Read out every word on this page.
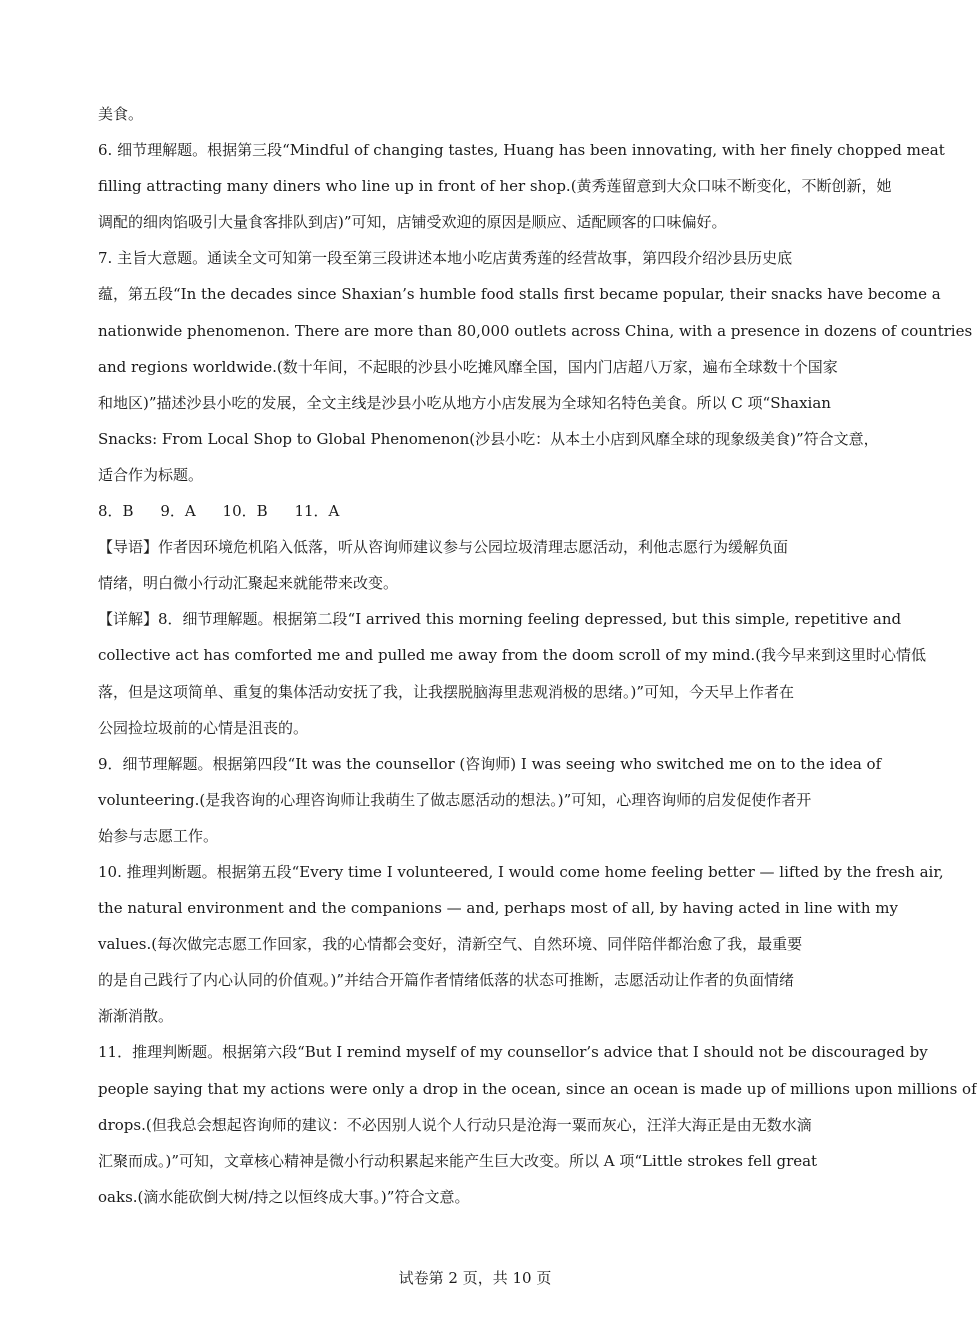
美食。
6. 细节理解题。根据第三段“Mindful of changing tastes, Huang has been innovating, with her finely chopped meat
filling attracting many diners who line up in front of her shop.(黄秀莲留意到大众口味不断变化，不断创新，她
调配的细肉馅吸引大量食客排队到店)”可知，店铺受欢迎的原因是顺应、适配顾客的口味偏好。
7. 主旨大意题。通读全文可知第一段至第三段讲述本地小吃店黄秀莲的经营故事，第四段介绍沙县历史底
蕴，第五段“In the decades since Shaxian’s humble food stalls first became popular, their snacks have become a
nationwide phenomenon. There are more than 80,000 outlets across China, with a presence in dozens of countries
and regions worldwide.(数十年间，不起眼的沙县小吃摊风靡全国，国内门店超八万家，遍布全球数十个国家
和地区)”描述沙县小吃的发展，全文主线是沙县小吃从地方小店发展为全球知名特色美食。所以 C 项“Shaxian
Snacks: From Local Shop to Global Phenomenon(沙县小吃：从本土小店到风靡全球的现象级美食)”符合文意，
适合作为标题。
8．B 9．A 10．B 11．A
【导语】作者因环境危机陷入低落，听从咨询师建议参与公园垃圾清理志愿活动，利他志愿行为缓解负面
情绪，明白微小行动汇聚起来就能带来改变。
【详解】8．细节理解题。根据第二段“I arrived this morning feeling depressed, but this simple, repetitive and
collective act has comforted me and pulled me away from the doom scroll of my mind.(我今早来到这里时心情低
落，但是这项简单、重复的集体活动安抚了我，让我摆脱脑海里悲观消极的思绪。)”可知，今天早上作者在
公园捡垃圾前的心情是沮丧的。
9．细节理解题。根据第四段“It was the counsellor (咨询师) I was seeing who switched me on to the idea of
volunteering.(是我咨询的心理咨询师让我萌生了做志愿活动的想法。)”可知，心理咨询师的启发促使作者开
始参与志愿工作。
10. 推理判断题。根据第五段“Every time I volunteered, I would come home feeling better — lifted by the fresh air,
the natural environment and the companions — and, perhaps most of all, by having acted in line with my
values.(每次做完志愿工作回家，我的心情都会变好，清新空气、自然环境、同伴陪伴都治愈了我，最重要
的是自己践行了内心认同的价值观。)”并结合开篇作者情绪低落的状态可推断，志愿活动让作者的负面情绪
渐渐消散。
11．推理判断题。根据第六段“But I remind myself of my counsellor’s advice that I should not be discouraged by
people saying that my actions were only a drop in the ocean, since an ocean is made up of millions upon millions of
drops.(但我总会想起咨询师的建议：不必因别人说个人行动只是沧海一粟而灰心，汪洋大海正是由无数水滴
汇聚而成。)”可知，文章核心精神是微小行动积累起来能产生巨大改变。所以 A 项“Little strokes fell great
oaks.(滴水能砍倒大树/持之以恒终成大事。)”符合文意。
试卷第 2 页，共 10 页
